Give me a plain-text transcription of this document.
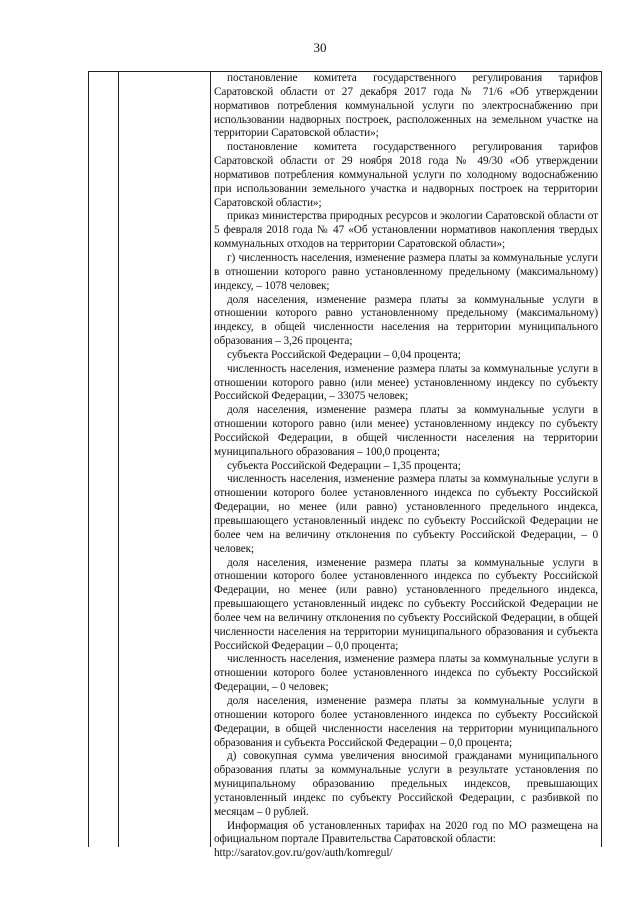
30

постановление комитета государственного регулирования тарифов Саратовской области от 27 декабря 2017 года № 71/6 «Об утверждении нормативов потребления коммунальной услуги по электроснабжению при использовании надворных построек, расположенных на земельном участке на территории Саратовской области»;

постановление комитета государственного регулирования тарифов Саратовской области от 29 ноября 2018 года № 49/30 «Об утверждении нормативов потребления коммунальной услуги по холодному водоснабжению при использовании земельного участка и надворных построек на территории Саратовской области»;

приказ министерства природных ресурсов и экологии Саратовской области от 5 февраля 2018 года № 47 «Об установлении нормативов накопления твердых коммунальных отходов на территории Саратовской области»;

г) численность населения, изменение размера платы за коммунальные услуги в отношении которого равно установленному предельному (максимальному) индексу, – 1078 человек;

доля населения, изменение размера платы за коммунальные услуги в отношении которого равно установленному предельному (максимальному) индексу, в общей численности населения на территории муниципального образования – 3,26 процента;

субъекта Российской Федерации – 0,04 процента;

численность населения, изменение размера платы за коммунальные услуги в отношении которого равно (или менее) установленному индексу по субъекту Российской Федерации, – 33075 человек;

доля населения, изменение размера платы за коммунальные услуги в отношении которого равно (или менее) установленному индексу по субъекту Российской Федерации, в общей численности населения на территории муниципального образования – 100,0 процента;

субъекта Российской Федерации – 1,35 процента;

численность населения, изменение размера платы за коммунальные услуги в отношении которого более установленного индекса по субъекту Российской Федерации, но менее (или равно) установленного предельного индекса, превышающего установленный индекс по субъекту Российской Федерации не более чем на величину отклонения по субъекту Российской Федерации, – 0 человек;

доля населения, изменение размера платы за коммунальные услуги в отношении которого более установленного индекса по субъекту Российской Федерации, но менее (или равно) установленного предельного индекса, превышающего установленный индекс по субъекту Российской Федерации не более чем на величину отклонения по субъекту Российской Федерации, в общей численности населения на территории муниципального образования и субъекта Российской Федерации – 0,0 процента;

численность населения, изменение размера платы за коммунальные услуги в отношении которого более установленного индекса по субъекту Российской Федерации, – 0 человек;

доля населения, изменение размера платы за коммунальные услуги в отношении которого более установленного индекса по субъекту Российской Федерации, в общей численности населения на территории муниципального образования и субъекта Российской Федерации – 0,0 процента;

д) совокупная сумма увеличения вносимой гражданами муниципального образования платы за коммунальные услуги в результате установления по муниципальному образованию предельных индексов, превышающих установленный индекс по субъекту Российской Федерации, с разбивкой по месяцам – 0 рублей.

Информация об установленных тарифах на 2020 год по МО размещена на официальном портале Правительства Саратовской области:

http://saratov.gov.ru/gov/auth/komregul/
